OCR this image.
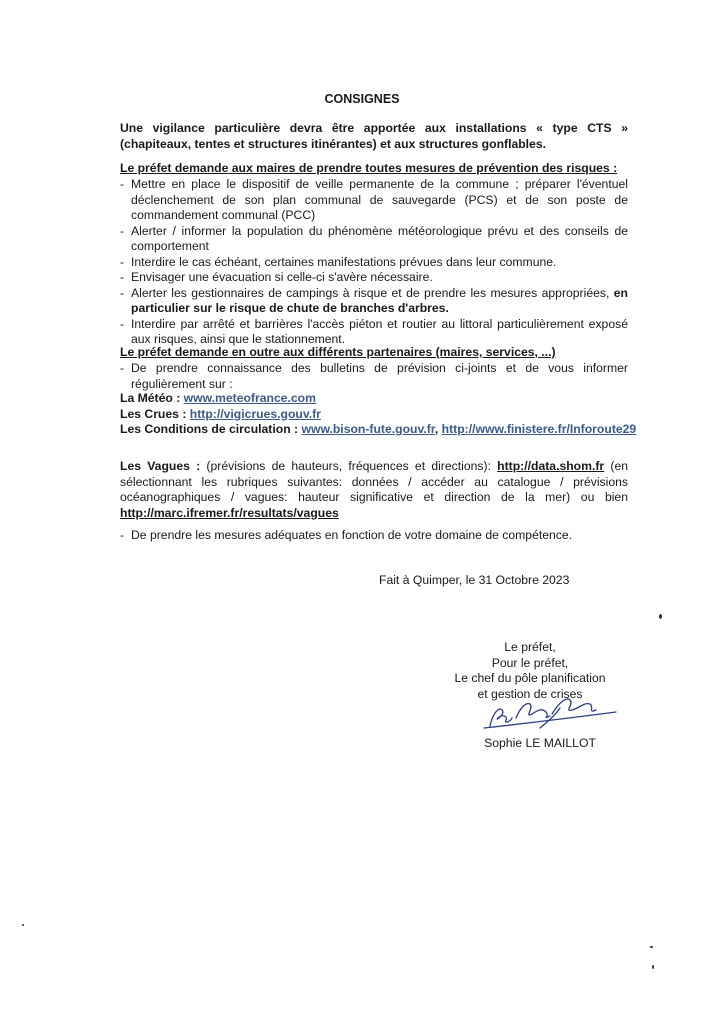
CONSIGNES
Une vigilance particulière devra être apportée aux installations « type CTS » (chapiteaux, tentes et structures itinérantes) et aux structures gonflables.
Le préfet demande aux maires de prendre toutes mesures de prévention des risques :
- Mettre en place le dispositif de veille permanente de la commune ; préparer l'éventuel déclenchement de son plan communal de sauvegarde (PCS) et de son poste de commandement communal (PCC)
- Alerter / informer la population du phénomène météorologique prévu et des conseils de comportement
- Interdire le cas échéant, certaines manifestations prévues dans leur commune.
- Envisager une évacuation si celle-ci s'avère nécessaire.
- Alerter les gestionnaires de campings à risque et de prendre les mesures appropriées, en particulier sur le risque de chute de branches d'arbres.
- Interdire par arrêté et barrières l'accès piéton et routier au littoral particulièrement exposé aux risques, ainsi que le stationnement.
Le préfet demande en outre aux différents partenaires (maires, services, ...)
- De prendre connaissance des bulletins de prévision ci-joints et de vous informer régulièrement sur :
La Météo : www.meteofrance.com
Les Crues : http://vigicrues.gouv.fr
Les Conditions de circulation : www.bison-fute.gouv.fr, http://www.finistere.fr/Inforoute29
Les Vagues : (prévisions de hauteurs, fréquences et directions): http://data.shom.fr (en sélectionnant les rubriques suivantes: données / accéder au catalogue / prévisions océanographiques / vagues: hauteur significative et direction de la mer) ou bien http://marc.ifremer.fr/resultats/vagues
- De prendre les mesures adéquates en fonction de votre domaine de compétence.
Fait à Quimper, le 31 Octobre 2023
Le préfet,
Pour le préfet,
Le chef du pôle planification
et gestion de crises
Sophie LE MAILLOT
